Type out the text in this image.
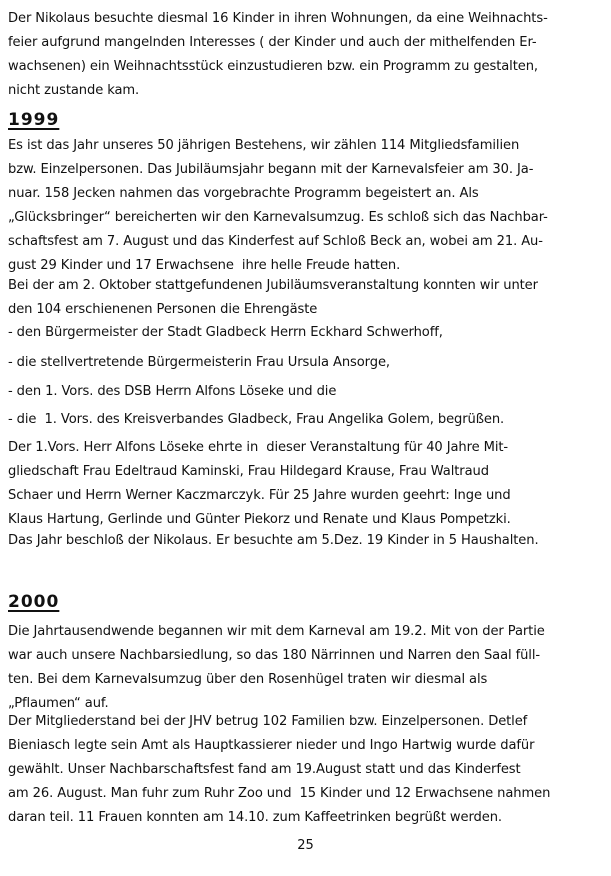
Der Nikolaus besuchte diesmal 16 Kinder in ihren Wohnungen, da eine Weihnachts-
feier aufgrund mangelnden Interesses ( der Kinder und auch der mithelfenden Er-
wachsenen) ein Weihnachtsstück einzustudieren bzw. ein Programm zu gestalten,
nicht zustande kam.
1999
Es ist das Jahr unseres 50 jährigen Bestehens, wir zählen 114 Mitgliedsfamilien
bzw. Einzelpersonen. Das Jubiläumsjahr begann mit der Karnevalsfeier am 30. Ja-
nuar. 158 Jecken nahmen das vorgebrachte Programm begeistert an. Als
„Glücksbringer“ bereicherten wir den Karnevalsumzug. Es schloß sich das Nachbar-
schaftsfest am 7. August und das Kinderfest auf Schloß Beck an, wobei am 21. Au-
gust 29 Kinder und 17 Erwachsene  ihre helle Freude hatten.
Bei der am 2. Oktober stattgefundenen Jubiläumsveranstaltung konnten wir unter
den 104 erschienenen Personen die Ehrengäste
- den Bürgermeister der Stadt Gladbeck Herrn Eckhard Schwerhoff,
- die stellvertretende Bürgermeisterin Frau Ursula Ansorge,
- den 1. Vors. des DSB Herrn Alfons Löseke und die
- die  1. Vors. des Kreisverbandes Gladbeck, Frau Angelika Golem, begrüßen.
Der 1.Vors. Herr Alfons Löseke ehrte in  dieser Veranstaltung für 40 Jahre Mit-
gliedschaft Frau Edeltraud Kaminski, Frau Hildegard Krause, Frau Waltraud
Schaer und Herrn Werner Kaczmarczyk. Für 25 Jahre wurden geehrt: Inge und
Klaus Hartung, Gerlinde und Günter Piekorz und Renate und Klaus Pompetzki.
Das Jahr beschloß der Nikolaus. Er besuchte am 5.Dez. 19 Kinder in 5 Haushalten.
2000
Die Jahrtausendwende begannen wir mit dem Karneval am 19.2. Mit von der Partie
war auch unsere Nachbarsiedlung, so das 180 Närrinnen und Narren den Saal füll-
ten. Bei dem Karnevalsumzug über den Rosenhügel traten wir diesmal als
„Pflaumen“ auf.
Der Mitgliederstand bei der JHV betrug 102 Familien bzw. Einzelpersonen. Detlef
Bieniasch legte sein Amt als Hauptkassierer nieder und Ingo Hartwig wurde dafür
gewählt. Unser Nachbarschaftsfest fand am 19.August statt und das Kinderfest
am 26. August. Man fuhr zum Ruhr Zoo und  15 Kinder und 12 Erwachsene nahmen
daran teil. 11 Frauen konnten am 14.10. zum Kaffeetrinken begrüßt werden.
25
